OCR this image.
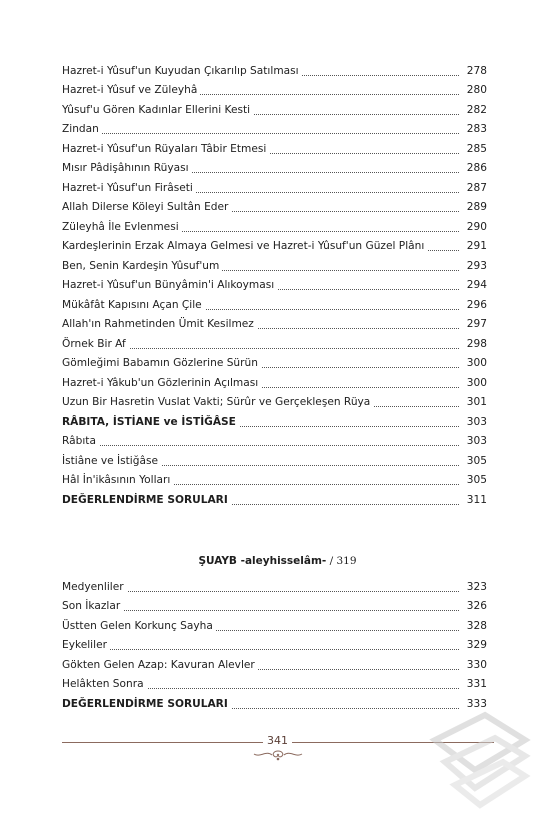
Hazret-i Yûsuf'un Kuyudan Çıkarılıp Satılması	278
Hazret-i Yûsuf ve Züleyhâ	280
Yûsuf'u Gören Kadınlar Ellerini Kesti	282
Zindan	283
Hazret-i Yûsuf'un Rüyaları Tâbir Etmesi	285
Mısır Pâdişâhının Rüyası	286
Hazret-i Yûsuf'un Firâseti	287
Allah Dilerse Köleyi Sultân Eder	289
Züleyhâ İle Evlenmesi	290
Kardeşlerinin Erzak Almaya Gelmesi ve Hazret-i Yûsuf'un Güzel Plânı	291
Ben, Senin Kardeşin Yûsuf'um	293
Hazret-i Yûsuf'un Bünyâmin'i Alıkoyması	294
Mükâfât Kapısını Açan Çile	296
Allah'ın Rahmetinden Ümit Kesilmez	297
Örnek Bir Af	298
Gömleğimi Babamın Gözlerine Sürün	300
Hazret-i Yâkub'un Gözlerinin Açılması	300
Uzun Bir Hasretin Vuslat Vakti; Sürûr ve Gerçekleşen Rüya	301
RÂBITA, İSTİANE ve İSTİĞÂSE	303
Râbıta	303
İstiâne ve İstiğâse	305
Hâl İn'ikâsının Yolları	305
DEĞERLENDİRME SORULARI	311
ŞUAYB -aleyhisselâm- / 319
Medyenliler	323
Son İkazlar	326
Üstten Gelen Korkunç Sayha	328
Eykeliler	329
Gökten Gelen Azap: Kavuran Alevler	330
Helâkten Sonra	331
DEĞERLENDİRME SORULARI	333
341
